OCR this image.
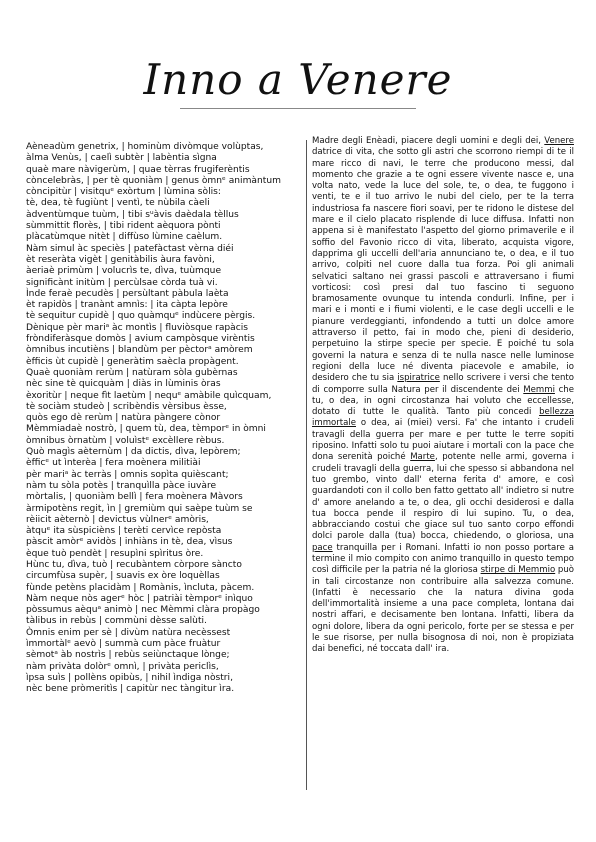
Inno a Venere
Aèneadùm genetrix, | hominùm divòmque volùptas,
àlma Venùs, | caelì subtèr | labèntia sìgna
quaè mare nàvigerùm, | quae tèrras frugiferèntis
còncelebràs, | per tè quoniàm | genus òmnᵉ animàntum
còncipitùr | visitquᵉ exòrtum | lùmina sòlis:
tè, dea, tè fugiùnt | ventì, te nùbila càeli
àdventùmque tuùm, | tibi sᵘàvis daèdala tèllus
sùmmittit florès, | tibi rident aèquora pònti
plàcatùmque nitèt | diffùso lùmine caèlum.
Nàm simul àc speciès | patefàctast vèrna diéi
èt reseràta vigèt | genitàbilis àura favòni,
àeriaè primùm | volucrìs te, dìva, tuùmque
significànt initùm | percùlsae còrda tuà vi.
Ìnde feraè pecudès | persùltant pàbula laèta
èt rapidòs | tranànt amnìs: | ita càpta lepòre
tè sequitur cupidè | quo quàmquᵉ indùcere pèrgis.
Dènique pèr mariᵃ àc montìs | fluviòsque rapàcis
fròndiferàsque domòs | avium campòsque virèntis
òmnibus incutièns | blandùm per pèctorᵃ amòrem
èfficis ùt cupidè | generàtim saècla propàgent.
Quaè quoniàm rerùm | natùram sòla gubèrnas
nèc sine tè quicquàm | diàs in lùminis òras
èxoritùr | neque fìt laetùm | nequᵉ amàbile quìcquam,
tè sociàm studeò | scribèndis vèrsibus èsse,
quòs ego dè rerùm | natùra pàngere cònor
Mèmmiadaè nostrò, | quem tù, dea, tèmporᵉ in òmni
òmnibus òrnatùm | voluìstᵉ excèllere rèbus.
Quò magìs aèternùm | da dictis, dìva, lepòrem;
èfficᵉ ut ìnterèa | fera moènera militiài
pèr mariᵃ àc terràs | omnis sopìta quièscant;
nàm tu sòla potès | tranquìlla pàce iuvàre
mòrtalis, | quoniàm bellì | fera moènera Màvors
àrmipotèns regit, ìn | gremiùm qui saèpe tuùm se
rèiicit aèternò | devictus vùlnerᵉ amòris,
àtquᵉ ita sùspicièns | terèti cervìce repòsta
pàscit amòrᵉ avidòs | inhiàns in tè, dea, vìsus
èque tuò pendèt | resupìni spìritus òre.
Hùnc tu, dìva, tuò | recubàntem còrpore sàncto
circumfùsa supèr, | suavis ex òre loquèllas
fùnde petèns placidàm | Romànis, ìncluta, pàcem.
Nàm neque nòs agerᵉ hòc | patriài tèmporᵉ inìquo
pòssumus aèquᵃ animò | nec Mèmmi clàra propàgo
tàlibus in rebùs | commùni dèsse salùti.
Òmnis enim per sè | divùm natùra necèssest
ìmmortàlᵉ aevò | summà cum pàce fruàtur
sèmotᵃ àb nostrìs | rebùs seiùnctaque lònge;
nàm privàta dolòrᵉ omnì, | privàta periclìs,
ìpsa suìs | pollèns opibùs, | nihil ìndiga nòstri,
nèc bene pròmeritìs | capitùr nec tàngitur ìra.

Madre degli Enèadi, piacere degli uomini e degli dei, Venere datrice di vita, che sotto gli astri che scorrono riempi di te il mare ricco di navi, le terre che producono messi, dal momento che grazie a te ogni essere vivente nasce e, una volta nato, vede la luce del sole, te, o dea, te fuggono i venti, te e il tuo arrivo le nubi del cielo, per te la terra industriosa fa nascere fiori soavi, per te ridono le distese del mare e il cielo placato risplende di luce diffusa. Infatti non appena si è manifestato l'aspetto del giorno primaverile e il soffio del Favonio ricco di vita, liberato, acquista vigore, dapprima gli uccelli dell'aria annunciano te, o dea, e il tuo arrivo, colpiti nel cuore dalla tua forza. Poi gli animali selvatici saltano nei grassi pascoli e attraversano i fiumi vorticosi: così presi dal tuo fascino ti seguono bramosamente ovunque tu intenda condurli. Infine, per i mari e i monti e i fiumi violenti, e le case degli uccelli e le pianure verdeggianti, infondendo a tutti un dolce amore attraverso il petto, fai in modo che, pieni di desiderio, perpetuino la stirpe specie per specie. E poiché tu sola governi la natura e senza di te nulla nasce nelle luminose regioni della luce né diventa piacevole e amabile, io desidero che tu sia ispiratrice nello scrivere i versi che tento di comporre sulla Natura per il discendente dei Memmi che tu, o dea, in ogni circostanza hai voluto che eccellesse, dotato di tutte le qualità. Tanto più concedi bellezza immortale o dea, ai (miei) versi. Fa' che intanto i crudeli travagli della guerra per mare e per tutte le terre sopiti riposino. Infatti solo tu puoi aiutare i mortali con la pace che dona serenità poiché Marte, potente nelle armi, governa i crudeli travagli della guerra, lui che spesso si abbandona nel tuo grembo, vinto dall' eterna ferita d' amore, e così guardandoti con il collo ben fatto gettato all' indietro si nutre d' amore anelando a te, o dea, gli occhi desiderosi e dalla tua bocca pende il respiro di lui supino. Tu, o dea, abbracciando costui che giace sul tuo santo corpo effondi dolci parole dalla (tua) bocca, chiedendo, o gloriosa, una pace tranquilla per i Romani. Infatti io non posso portare a termine il mio compito con animo tranquillo in questo tempo così difficile per la patria né la gloriosa stirpe di Memmio può in tali circostanze non contribuire alla salvezza comune. (Infatti è necessario che la natura divina goda dell'immortalità insieme a una pace completa, lontana dai nostri affari, e decisamente ben lontana. Infatti, libera da ogni dolore, libera da ogni pericolo, forte per se stessa e per le sue risorse, per nulla bisognosa di noi, non è propiziata dai benefici, né toccata dall' ira.
